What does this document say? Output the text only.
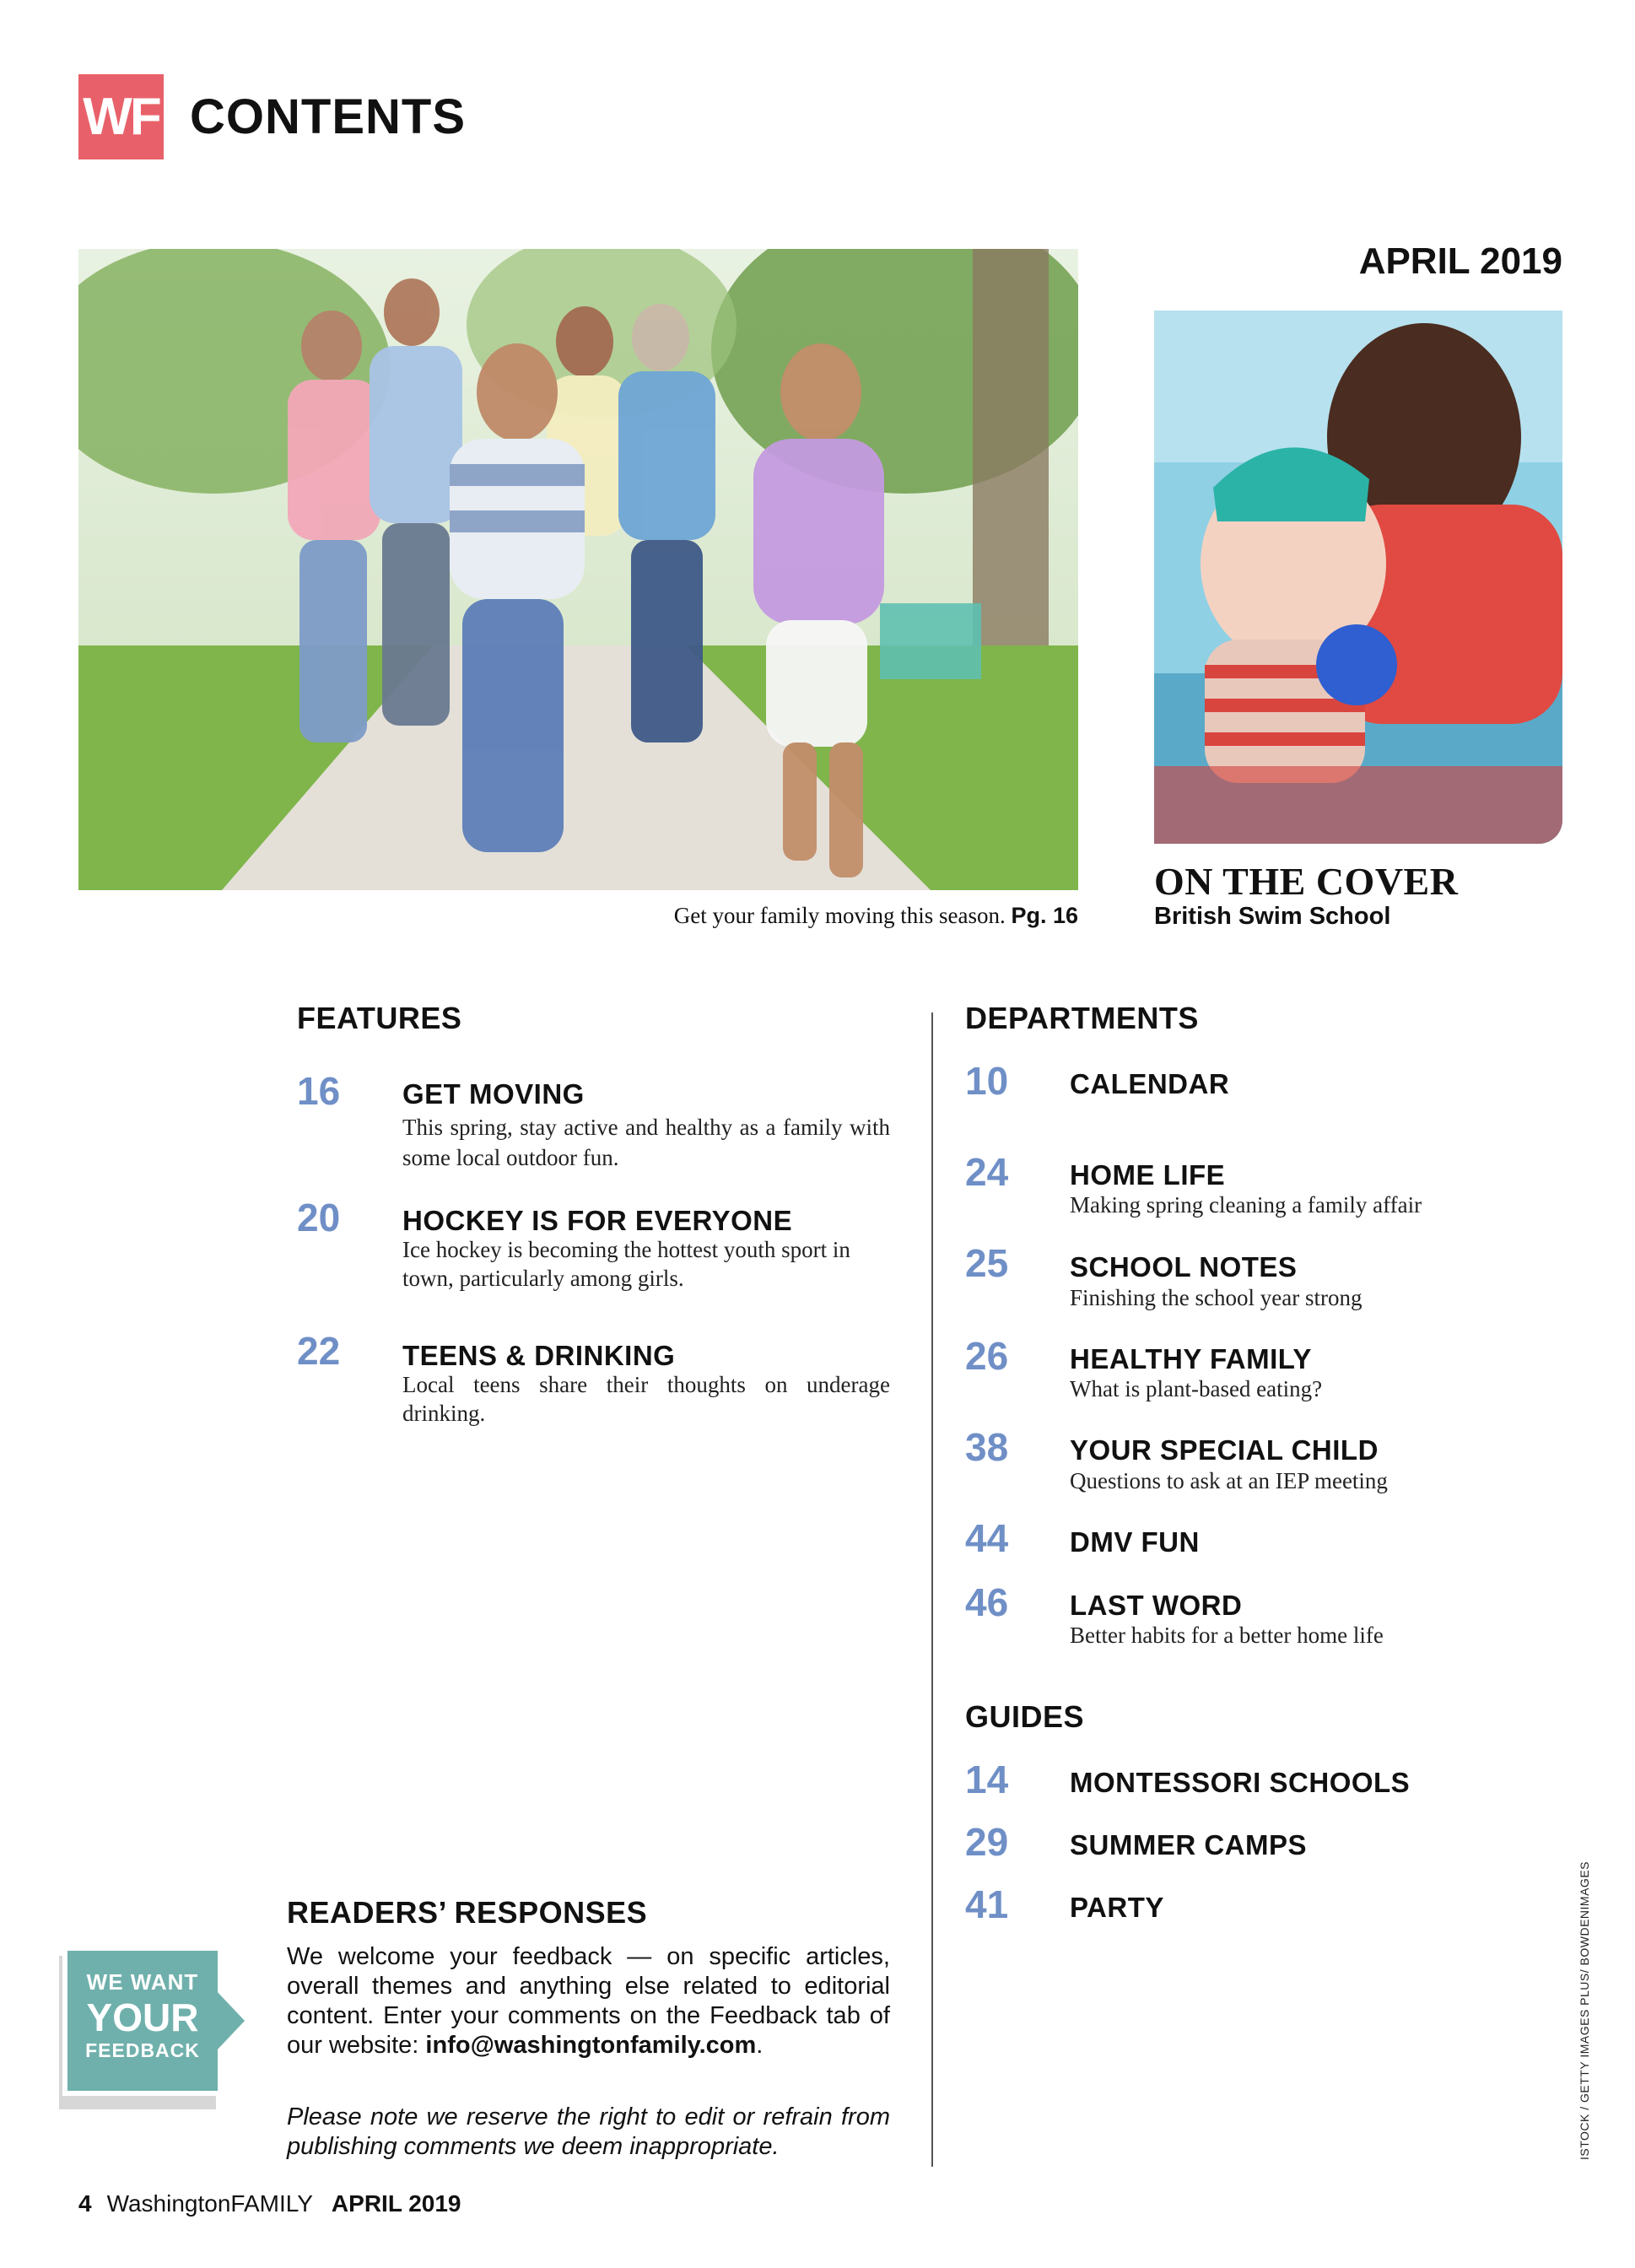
WF CONTENTS
Get your family moving this season. Pg. 16
APRIL 2019
ON THE COVER
British Swim School
FEATURES
16 GET MOVING
This spring, stay active and healthy as a family with some local outdoor fun.
20 HOCKEY IS FOR EVERYONE
Ice hockey is becoming the hottest youth sport in town, particularly among girls.
22 TEENS & DRINKING
Local teens share their thoughts on underage drinking.
DEPARTMENTS
10 CALENDAR
24 HOME LIFE
Making spring cleaning a family affair
25 SCHOOL NOTES
Finishing the school year strong
26 HEALTHY FAMILY
What is plant-based eating?
38 YOUR SPECIAL CHILD
Questions to ask at an IEP meeting
44 DMV FUN
46 LAST WORD
Better habits for a better home life
GUIDES
14 MONTESSORI SCHOOLS
29 SUMMER CAMPS
41 PARTY
READERS’ RESPONSES
We welcome your feedback — on specific articles, overall themes and anything else related to editorial content. Enter your comments on the Feedback tab of our website: info@washingtonfamily.com.
Please note we reserve the right to edit or refrain from publishing comments we deem inappropriate.
WE WANT
YOUR
FEEDBACK
4 WashingtonFAMILY APRIL 2019
ISTOCK / GETTY IMAGES PLUS/ BOWDENIMAGES
